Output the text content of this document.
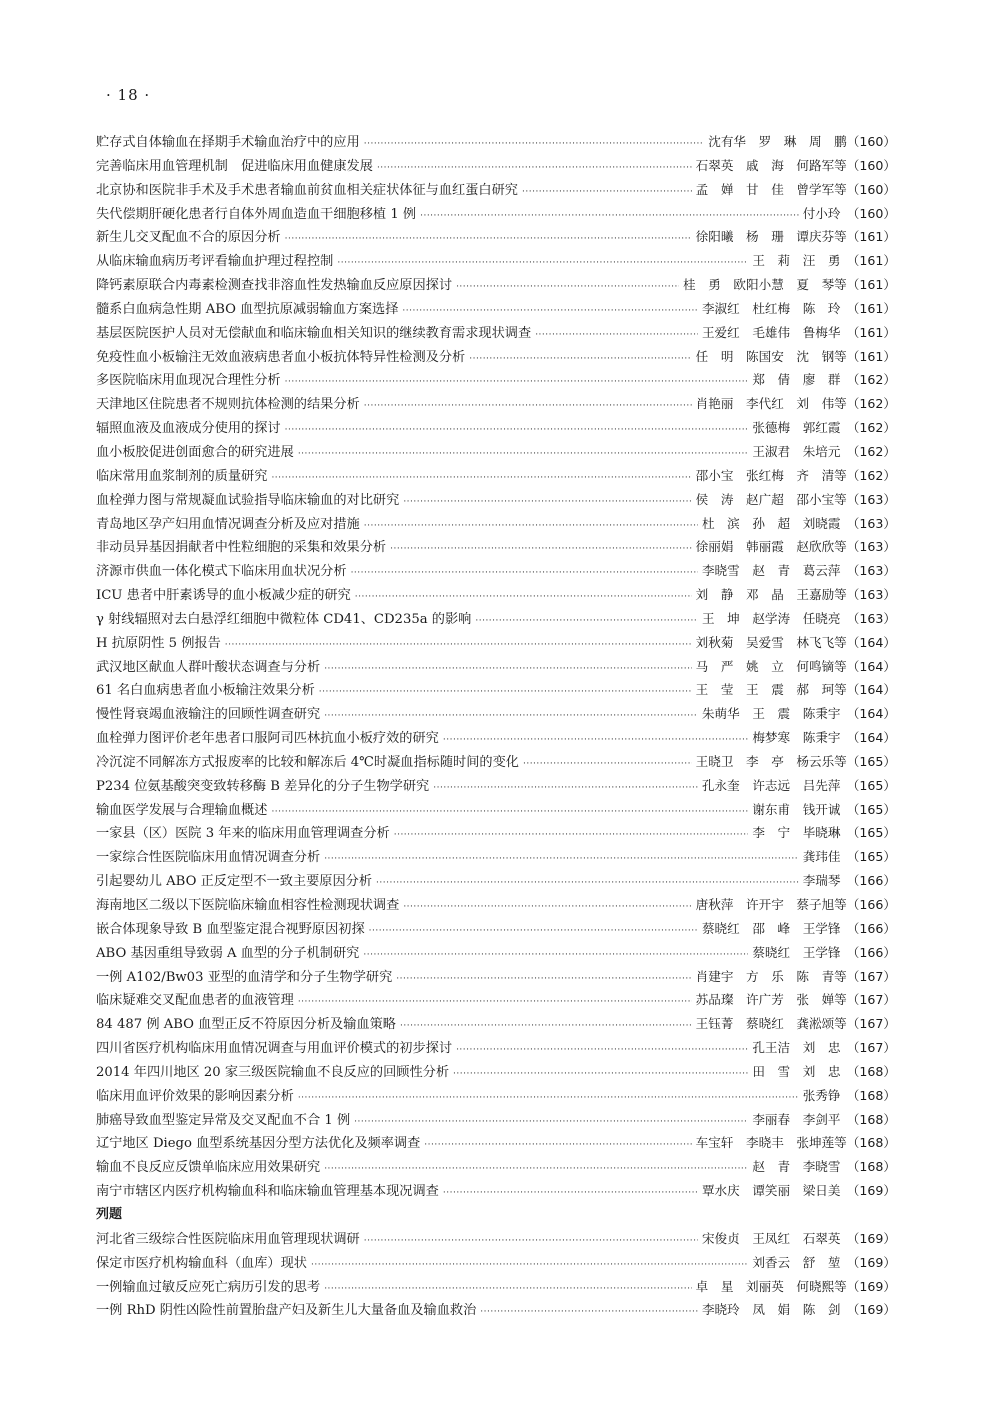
· 18 ·
贮存式自体输血在择期手术输血治疗中的应用 ·····	沈有华　罗　琳　周　鹏（160）
完善临床用血管理机制　促进临床用血健康发展 ·····	石翠英　戚　海　何路军等（160）
北京协和医院非手术及手术患者输血前贫血相关症状体征与血红蛋白研究 ·····	孟　婵　甘　佳　曾学军等（160）
失代偿期肝硬化患者行自体外周血造血干细胞移植 1 例 ·····	付小玲　（160）
新生儿交叉配血不合的原因分析 ·····	徐阳曦　杨　珊　谭庆芬等（161）
从临床输血病历考评看输血护理过程控制 ·····	王　莉　汪　勇　（161）
降钙素原联合内毒素检测查找非溶血性发热输血反应原因探讨 ·····	桂　勇　欧阳小慧　夏　琴等（161）
髓系白血病急性期 ABO 血型抗原减弱输血方案选择 ·····	李淑红　杜红梅　陈　玲　（161）
基层医院医护人员对无偿献血和临床输血相关知识的继续教育需求现状调查 ·····	王爱红　毛雄伟　鲁梅华　（161）
免疫性血小板输注无效血液病患者血小板抗体特异性检测及分析 ·····	任　明　陈国安　沈　钢等（161）
多医院临床用血现况合理性分析 ·····	郑　倩　廖　群　（162）
天津地区住院患者不规则抗体检测的结果分析 ·····	肖艳丽　李代红　刘　伟等（162）
辐照血液及血液成分使用的探讨 ·····	张德梅　郭红霞　（162）
血小板胶促进创面愈合的研究进展 ·····	王淑君　朱培元　（162）
临床常用血浆制剂的质量研究 ·····	邵小宝　张红梅　齐　清等（162）
血栓弹力图与常规凝血试验指导临床输血的对比研究 ·····	侯　涛　赵广超　邵小宝等（163）
青岛地区孕产妇用血情况调查分析及应对措施 ·····	杜　滨　孙　超　刘晓霞　（163）
非动员异基因捐献者中性粒细胞的采集和效果分析 ·····	徐丽娟　韩丽霞　赵欣欣等（163）
济源市供血一体化模式下临床用血状况分析 ·····	李晓雪　赵　青　葛云萍　（163）
ICU 患者中肝素诱导的血小板减少症的研究 ·····	刘　静　邓　晶　王嘉励等（163）
γ 射线辐照对去白悬浮红细胞中微粒体 CD41、CD235a 的影响 ·····	王　坤　赵学涛　任晓亮　（163）
H 抗原阴性 5 例报告 ·····	刘秋菊　吴爱雪　林飞飞等（164）
武汉地区献血人群叶酸状态调查与分析 ·····	马　严　姚　立　何鸣镝等（164）
61 名白血病患者血小板输注效果分析 ·····	王　莹　王　震　郝　珂等（164）
慢性肾衰竭血液输注的回顾性调查研究 ·····	朱萌华　王　震　陈秉宇　（164）
血栓弹力图评价老年患者口服阿司匹林抗血小板疗效的研究 ·····	梅梦寒　陈秉宇　（164）
冷沉淀不同解冻方式报废率的比较和解冻后 4℃时凝血指标随时间的变化 ·····	王晓卫　李　亭　杨云乐等（165）
P234 位氨基酸突变致转移酶 B 差异化的分子生物学研究 ·····	孔永奎　许志远　吕先萍　（165）
输血医学发展与合理输血概述 ·····	谢东甫　钱开诚　（165）
一家县（区）医院 3 年来的临床用血管理调查分析 ·····	李　宁　毕晓琳　（165）
一家综合性医院临床用血情况调查分析 ·····	龚玮佳　（165）
引起婴幼儿 ABO 正反定型不一致主要原因分析 ·····	李瑞琴　（166）
海南地区二级以下医院临床输血相容性检测现状调查 ·····	唐秋萍　许开宇　蔡子旭等（166）
嵌合体现象导致 B 血型鉴定混合视野原因初探 ·····	蔡晓红　邵　峰　王学锋　（166）
ABO 基因重组导致弱 A 血型的分子机制研究 ·····	蔡晓红　王学锋　（166）
一例 A102/Bw03 亚型的血清学和分子生物学研究 ·····	肖建宇　方　乐　陈　青等（167）
临床疑难交叉配血患者的血液管理 ·····	苏品璨　许广芳　张　婵等（167）
84 487 例 ABO 血型正反不符原因分析及输血策略 ·····	王钰菁　蔡晓红　龚淞颂等（167）
四川省医疗机构临床用血情况调查与用血评价模式的初步探讨 ·····	孔王洁　刘　忠　（167）
2014 年四川地区 20 家三级医院输血不良反应的回顾性分析 ·····	田　雪　刘　忠　（168）
临床用血评价效果的影响因素分析 ·····	张秀铮　（168）
肺癌导致血型鉴定异常及交叉配血不合 1 例 ·····	李丽春　李剑平　（168）
辽宁地区 Diego 血型系统基因分型方法优化及频率调查 ·····	车宝轩　李晓丰　张坤莲等（168）
输血不良反应反馈单临床应用效果研究 ·····	赵　青　李晓雪　（168）
南宁市辖区内医疗机构输血科和临床输血管理基本现况调查 ·····	覃水庆　谭笑丽　梁日美　（169）
列题
河北省三级综合性医院临床用血管理现状调研 ·····	宋俊贞　王凤红　石翠英　（169）
保定市医疗机构输血科（血库）现状 ·····	刘香云　舒　堃　（169）
一例输血过敏反应死亡病历引发的思考 ·····	卓　星　刘丽英　何晓熙等（169）
一例 RhD 阴性凶险性前置胎盘产妇及新生儿大量备血及输血救治 ·····	李晓玲　凤　娟　陈　剑　（169）
